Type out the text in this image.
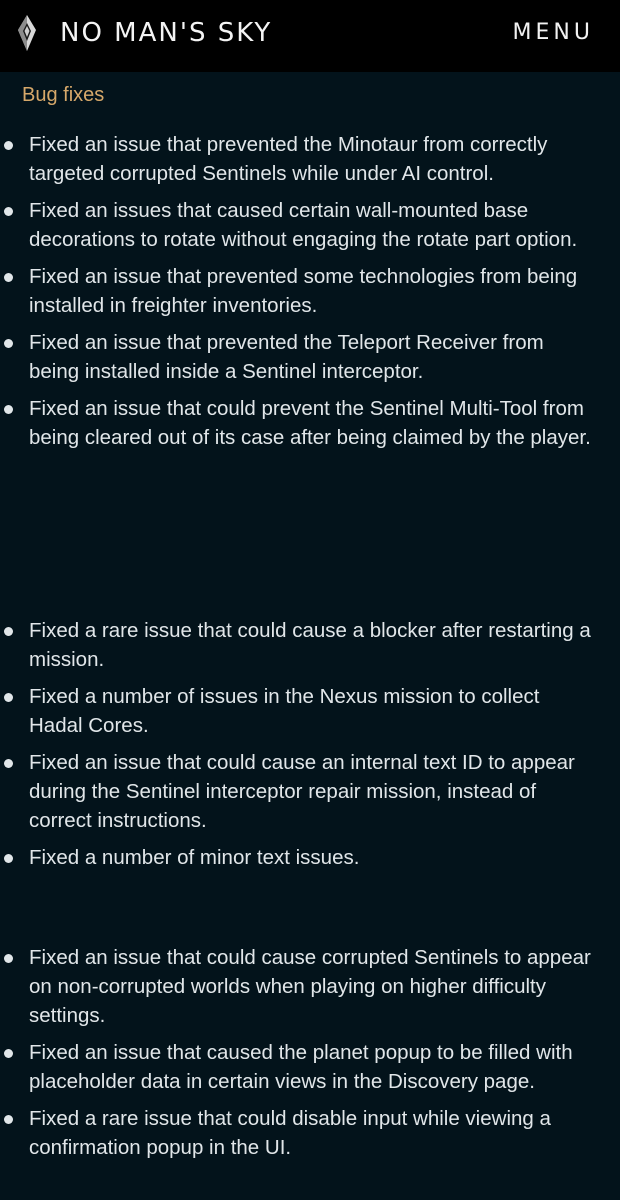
NO MAN'S SKY	MENU
Bug fixes
Fixed an issue that prevented the Minotaur from correctly targeted corrupted Sentinels while under AI control.
Fixed an issues that caused certain wall-mounted base decorations to rotate without engaging the rotate part option.
Fixed an issue that prevented some technologies from being installed in freighter inventories.
Fixed an issue that prevented the Teleport Receiver from being installed inside a Sentinel interceptor.
Fixed an issue that could prevent the Sentinel Multi-Tool from being cleared out of its case after being claimed by the player.
Fixed a rare issue that could cause a blocker after restarting a mission.
Fixed a number of issues in the Nexus mission to collect Hadal Cores.
Fixed an issue that could cause an internal text ID to appear during the Sentinel interceptor repair mission, instead of correct instructions.
Fixed a number of minor text issues.
Fixed an issue that could cause corrupted Sentinels to appear on non-corrupted worlds when playing on higher difficulty settings.
Fixed an issue that caused the planet popup to be filled with placeholder data in certain views in the Discovery page.
Fixed a rare issue that could disable input while viewing a confirmation popup in the UI.
